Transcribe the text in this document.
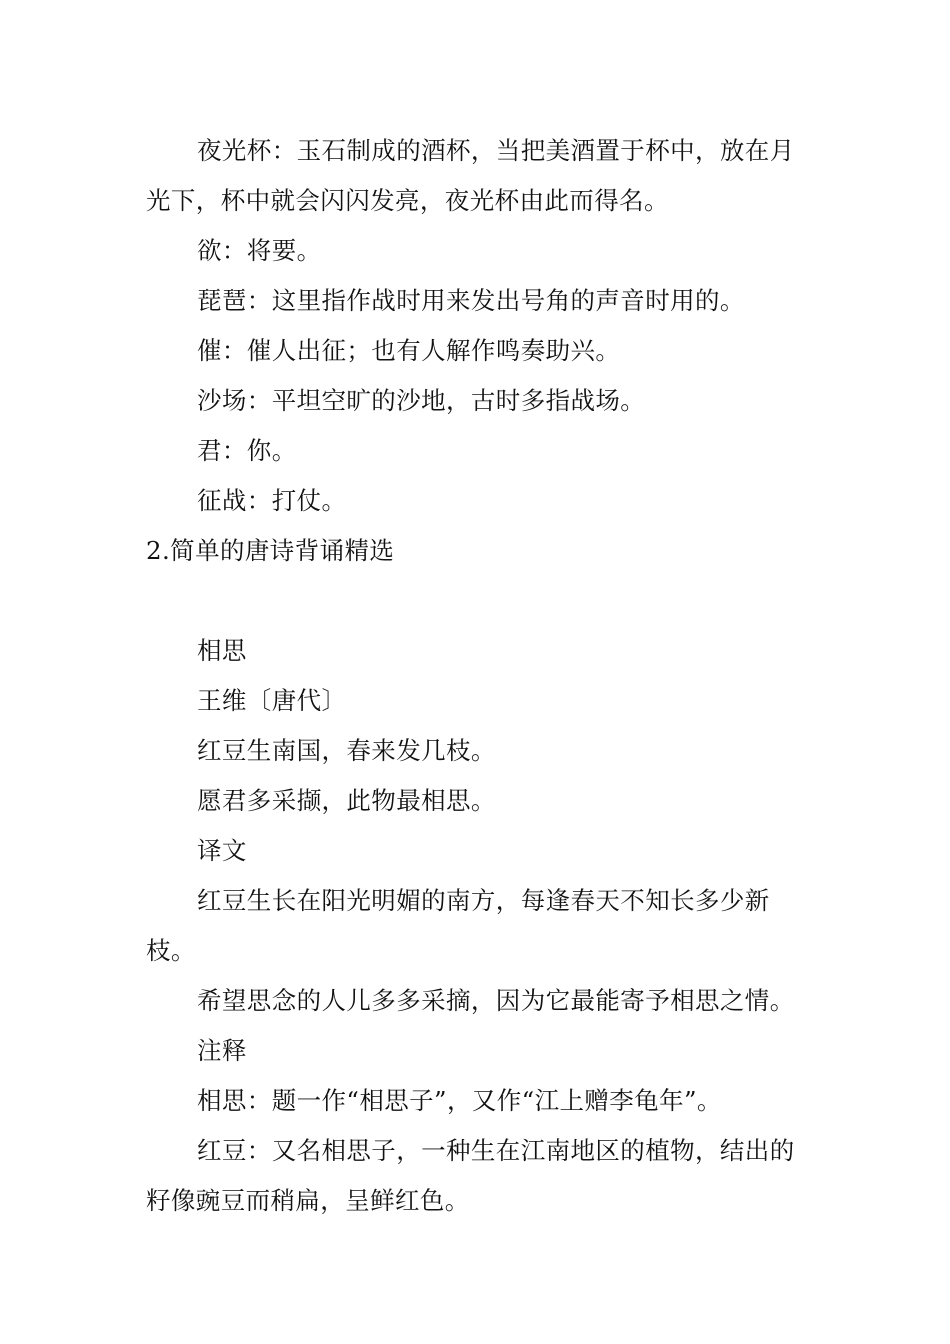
夜光杯：玉石制成的酒杯，当把美酒置于杯中，放在月光下，杯中就会闪闪发亮，夜光杯由此而得名。

欲：将要。

琵琶：这里指作战时用来发出号角的声音时用的。

催：催人出征；也有人解作鸣奏助兴。

沙场：平坦空旷的沙地，古时多指战场。

君：你。

征战：打仗。

2.简单的唐诗背诵精选

相思

王维〔唐代〕

红豆生南国，春来发几枝。

愿君多采撷，此物最相思。

译文

红豆生长在阳光明媚的南方，每逢春天不知长多少新枝。

希望思念的人儿多多采摘，因为它最能寄予相思之情。

注释

相思：题一作“相思子”，又作“江上赠李龟年”。

红豆：又名相思子，一种生在江南地区的植物，结出的籽像豌豆而稍扁，呈鲜红色。
